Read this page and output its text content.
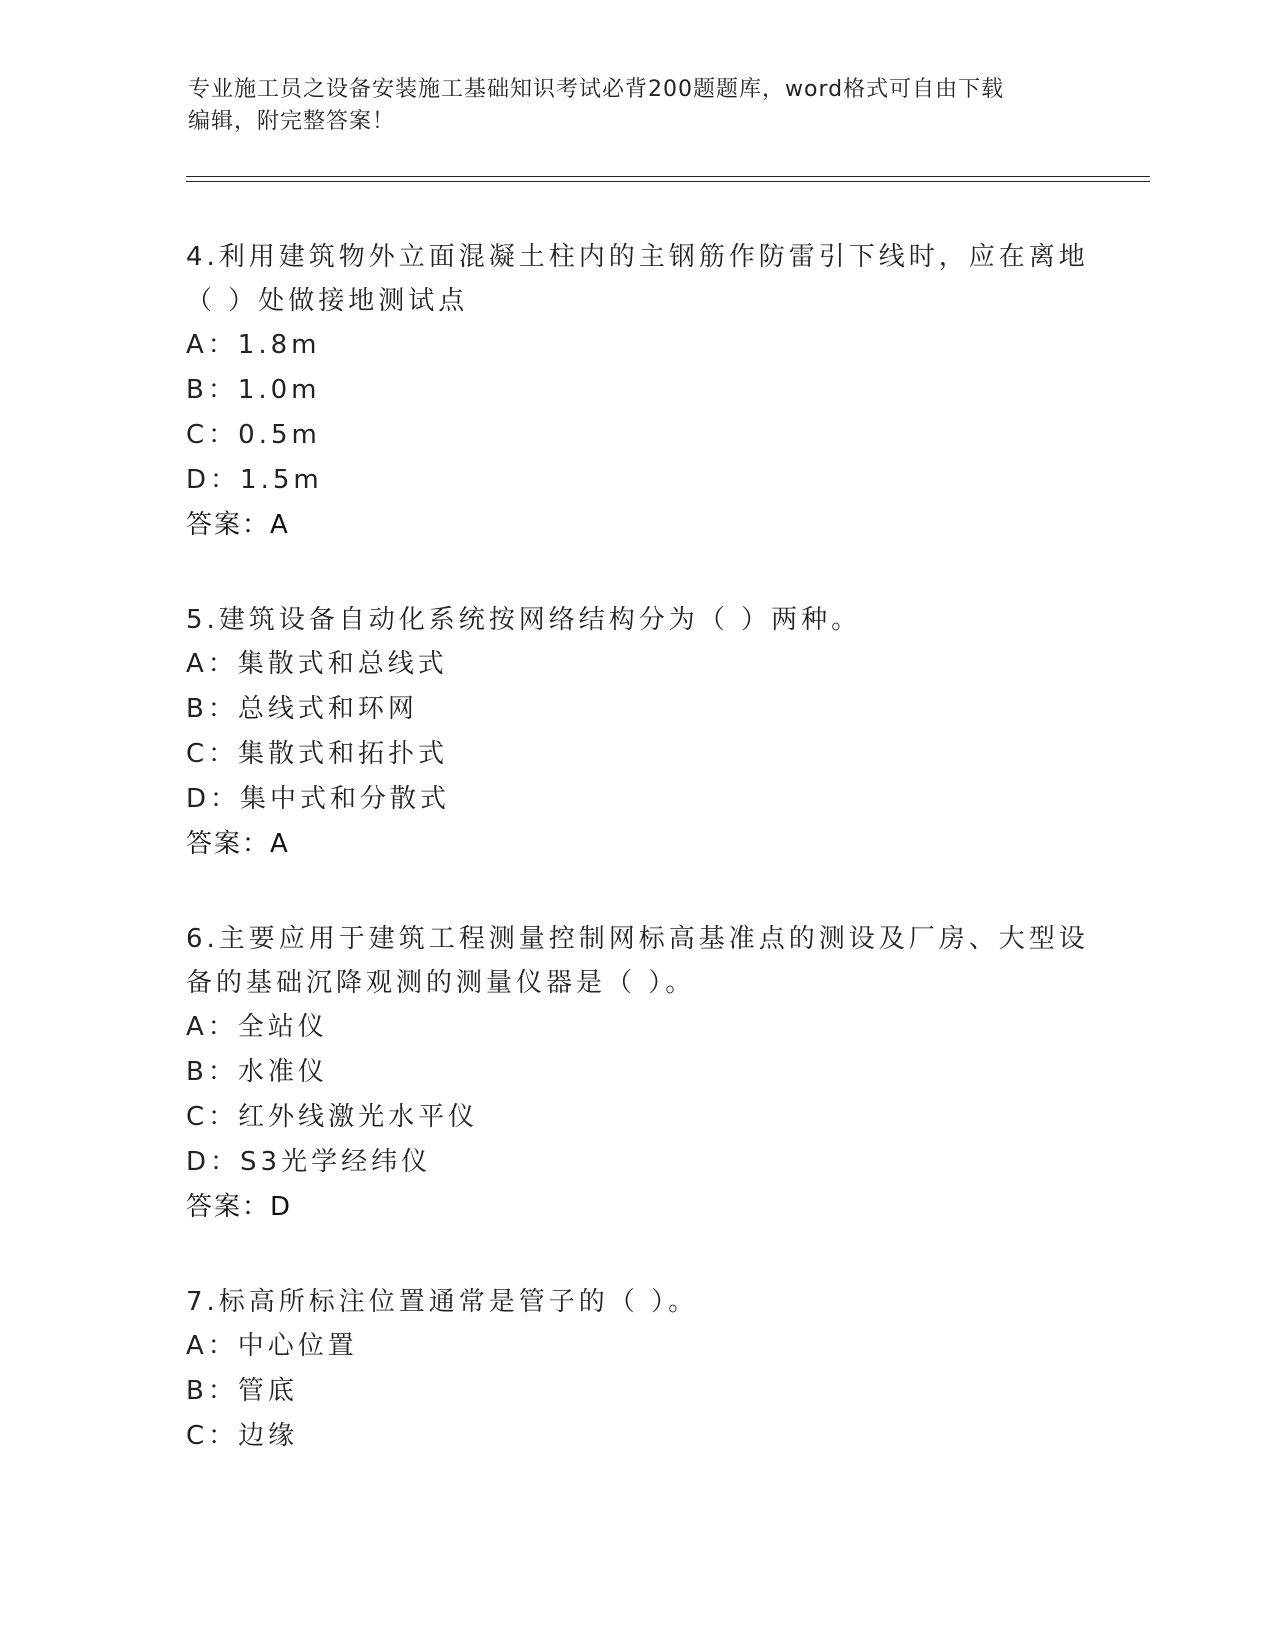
专业施工员之设备安装施工基础知识考试必背200题题库，word格式可自由下载
编辑，附完整答案！
4.利用建筑物外立面混凝土柱内的主钢筋作防雷引下线时，应在离地
（ ）处做接地测试点
A：1.8m
B：1.0m
C：0.5m
D：1.5m
答案：A
5.建筑设备自动化系统按网络结构分为（ ）两种。
A：集散式和总线式
B：总线式和环网
C：集散式和拓扑式
D：集中式和分散式
答案：A
6.主要应用于建筑工程测量控制网标高基准点的测设及厂房、大型设
备的基础沉降观测的测量仪器是（ ）。
A：全站仪
B：水准仪
C：红外线激光水平仪
D：S3光学经纬仪
答案：D
7.标高所标注位置通常是管子的（ ）。
A：中心位置
B：管底
C：边缘
